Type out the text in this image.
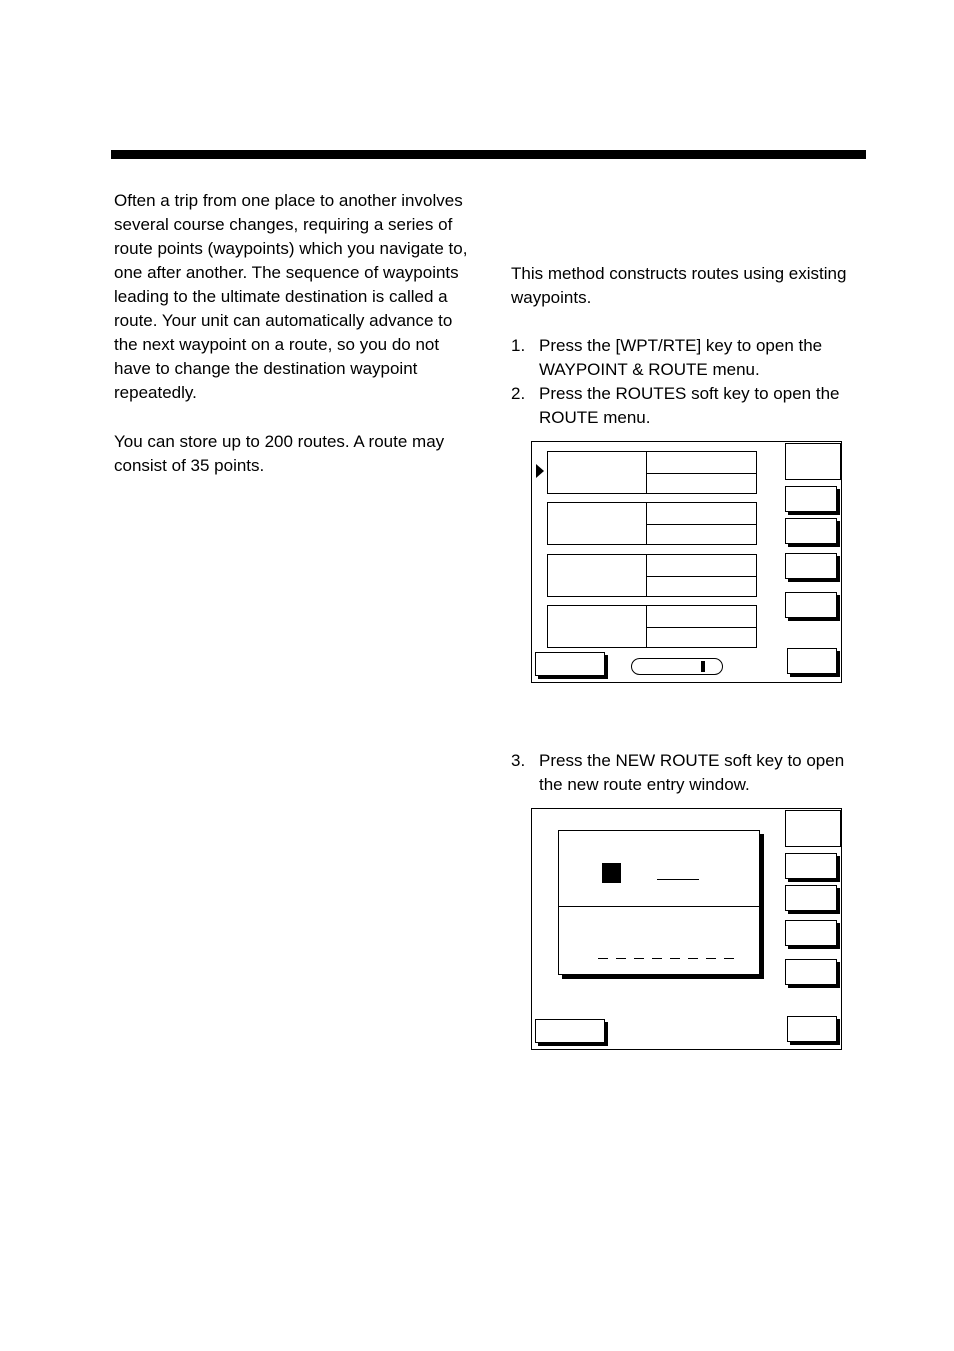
Often a trip from one place to another involves several course changes, requiring a series of route points (waypoints) which you navigate to, one after another. The sequence of waypoints leading to the ultimate destination is called a route. Your unit can automatically advance to the next waypoint on a route, so you do not have to change the destination waypoint repeatedly.

You can store up to 200 routes. A route may consist of 35 points.

This method constructs routes using existing waypoints.

1. Press the [WPT/RTE] key to open the WAYPOINT & ROUTE menu.
2. Press the ROUTES soft key to open the ROUTE menu.
3. Press the NEW ROUTE soft key to open the new route entry window.
